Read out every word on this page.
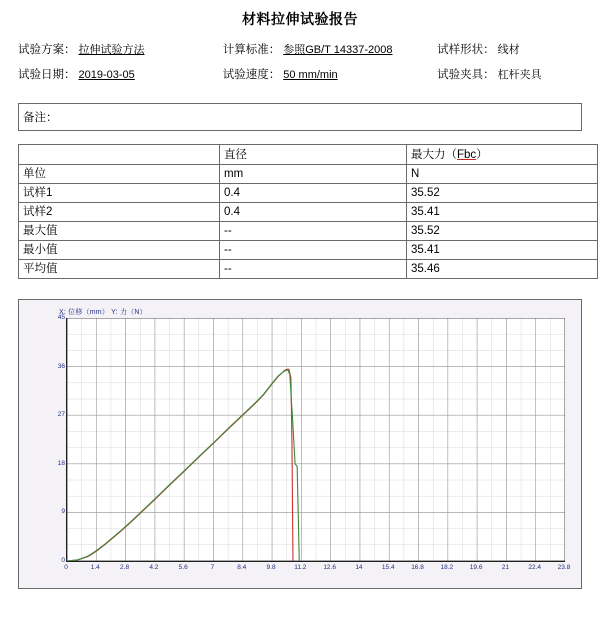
材料拉伸试验报告
试验方案： 拉伸试验方法	计算标准： 参照GB/T 14337-2008	试样形状： 线材
试验日期： 2019-03-05	试验速度： 50 mm/min	试验夹具： 杠杆夹具
备注：
	直径	最大力（Fbc）
单位	mm	N
试样1	0.4	35.52
试样2	0.4	35.41
最大值	--	35.52
最小值	--	35.41
平均值	--	35.46
X: 位移（mm） Y: 力（N）
0
9
18
27
36
45
0	1.4	2.8	4.2	5.6	7	8.4	9.8	11.2	12.6	14	15.4	16.8	18.2	19.6	21	22.4	23.8
